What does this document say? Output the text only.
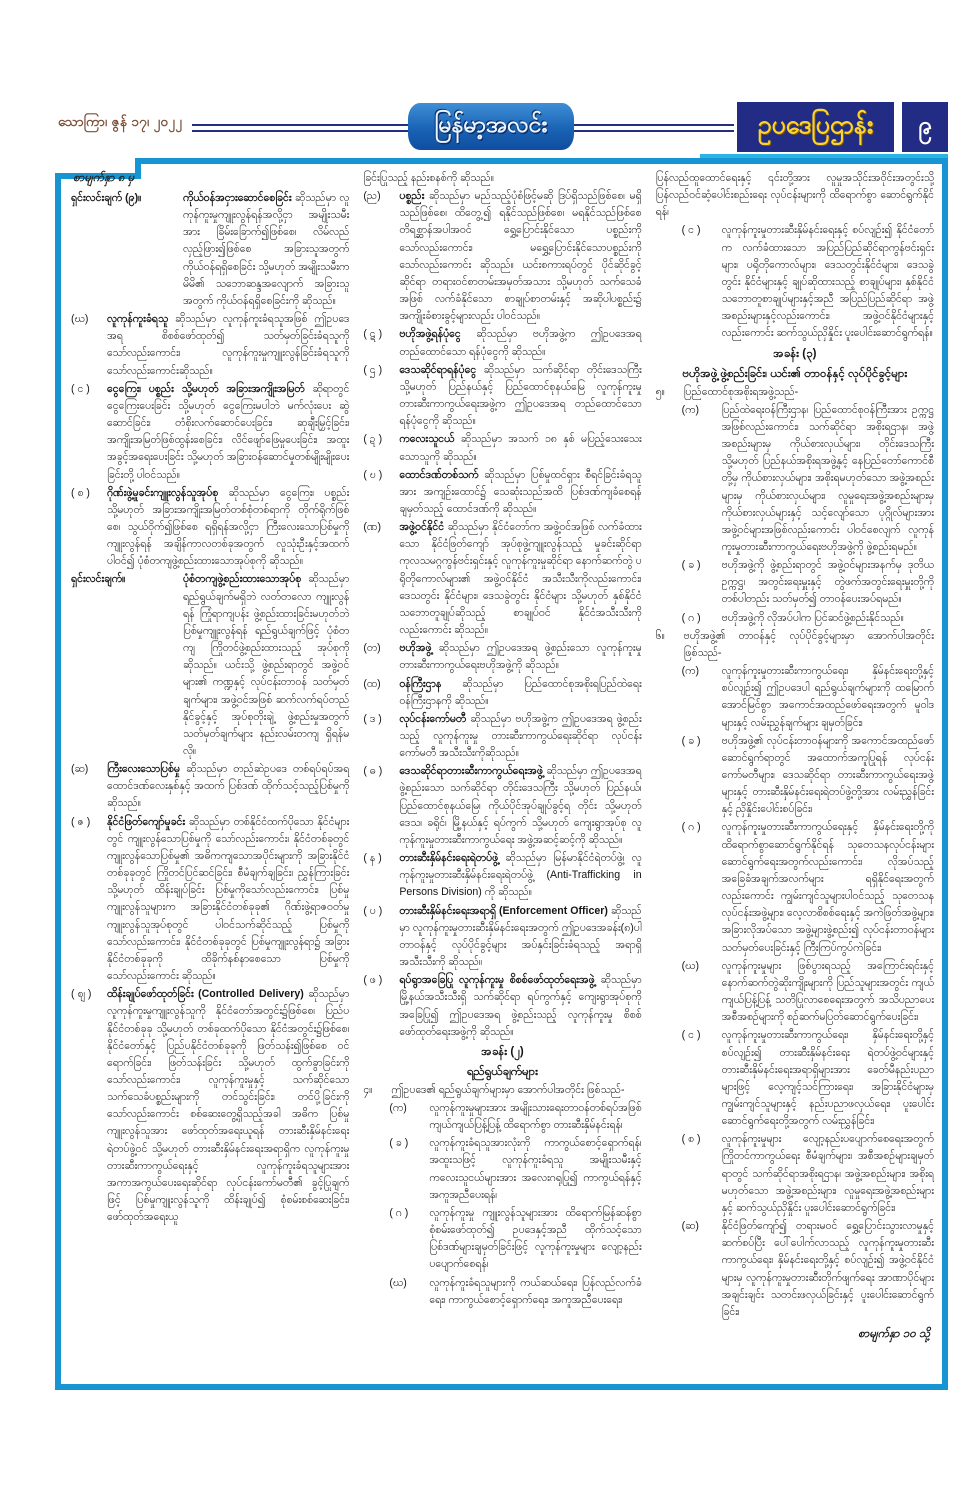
သောကြာ၊ ဇွန် ၁၇၊ ၂၀၂၂	မြန်မာ့အလင်း	ဥပဒေပြဌာန်း	၉
စာမျက်နှာ ၈ မှ
ရှင်းလင်းချက် (၉)။	ကိုယ်ဝန်အငှားဆောင်စေခြင်း ဆိုသည်မှာ လူကုန်ကူးမှုကျူးလွန်ရန်အလို့ငှာ အမျိုးသမီးအား ခြိမ်းခြောက်၍ဖြစ်စေ၊ လိမ်လည်လှည့်ဖြား၍ဖြစ်စေ အခြားသူအတွက် ကိုယ်ဝန်ရရှိစေခြင်း သို့မဟုတ် အမျိုးသမီးက မိမိ၏ သဘောဆန္ဒအလျောက် အခြားသူအတွက် ကိုယ်ဝန်ရရှိစေခြင်းကို ဆိုသည်။
(ဃ) လူကုန်ကူးခံရသူ ဆိုသည်မှာ လူကုန်ကူးခံရသူအဖြစ် ဤဥပဒေအရ စိစစ်ဖော်ထုတ်၍ သတ်မှတ်ခြင်းခံရသူကို သော်လည်းကောင်း၊ လူကုန်ကူးမှုကျူးလွန်ခြင်းခံရသူကို သော်လည်းကောင်းဆိုသည်။
( င ) ငွေကြေး၊ ပစ္စည်း သို့မဟုတ် အခြားအကျိုးအမြတ် ဆိုရာတွင် ငွေကြေးပေးခြင်း သို့မဟုတ် ငွေကြေးမပါဘဲ မက်လုံးပေး ဆွဲဆောင်ခြင်း၊ တံစိုးလက်ဆောင်ပေးခြင်း၊ ဆုချီးမြှင့်ခြင်း၊ အကျိုးအမြတ်ဖြစ်ထွန်းစေခြင်း၊ လိင်ဖျော်ဖြေမှုပေးခြင်း၊ အထူးအခွင့်အရေးပေးခြင်း သို့မဟုတ် အခြားဝန်ဆောင်မှုတစ်မျိုးမျိုးပေးခြင်းတို့ ပါဝင်သည်။
( စ ) ဂိုဏ်းဖွဲ့မှုခင်းကျူးလွန်သူအုပ်စု ဆိုသည်မှာ ငွေကြေး၊ ပစ္စည်း သို့မဟုတ် အခြားအကျိုးအမြတ်တစ်စုံတစ်ရာကို တိုက်ရိုက်ဖြစ်စေ၊ သွယ်ဝိုက်၍ဖြစ်စေ ရရှိရန်အလို့ငှာ ကြီးလေးသောပြစ်မှုကို ကျူးလွန်ရန် အချိန်ကာလတစ်ခုအတွက် လူသုံးဦးနှင့်အထက် ပါဝင်၍ ပုံစံတကျဖွဲ့စည်းထားသောအုပ်စုကို ဆိုသည်။
ရှင်းလင်းချက်။	ပုံစံတကျဖွဲ့စည်းထားသောအုပ်စု ဆိုသည်မှာ ရည်ရွယ်ချက်မရှိဘဲ လတ်တလော ကျူးလွန်ရန် ကြုံရာကျပန်း ဖွဲ့စည်းထားခြင်းမဟုတ်ဘဲ ပြစ်မှုကျူးလွန်ရန် ရည်ရွယ်ချက်ဖြင့် ပုံစံတကျ ကြိုတင်ဖွဲ့စည်းထားသည့် အုပ်စုကို ဆိုသည်။ ယင်းသို့ ဖွဲ့စည်းရာတွင် အဖွဲ့ဝင်များ၏ ကဏ္ဍနှင့် လုပ်ငန်းတာဝန် သတ်မှတ်ချက်များ၊ အဖွဲ့ဝင်အဖြစ် ဆက်လက်ရပ်တည်နိုင်ခွင့်နှင့် အုပ်စုတိုးချဲ့ ဖွဲ့စည်းမှုအတွက် သတ်မှတ်ချက်များ နည်းလမ်းတကျ ရှိရန်မလို။
(ဆ) ကြီးလေးသောပြစ်မှု ဆိုသည်မှာ တည်ဆဲဥပဒေ တစ်ရပ်ရပ်အရ ထောင်ဒဏ်လေးနှစ်နှင့် အထက် ပြစ်ဒဏ် ထိုက်သင့်သည့်ပြစ်မှုကို ဆိုသည်။
( ဇ ) နိုင်ငံဖြတ်ကျော်မှုခင်း ဆိုသည်မှာ တစ်နိုင်ငံထက်ပိုသော နိုင်ငံများတွင် ကျူးလွန်သောပြစ်မှုကို သော်လည်းကောင်း၊ နိုင်ငံတစ်ခုတွင် ကျူးလွန်သောပြစ်မှု၏ အဓိကကျသောအပိုင်းများကို အခြားနိုင်ငံတစ်ခုခုတွင် ကြိုတင်ပြင်ဆင်ခြင်း၊ စီမံချက်ချခြင်း၊ ညွှန်ကြားခြင်း သို့မဟုတ် ထိန်းချုပ်ခြင်း ပြစ်မှုကိုသော်လည်းကောင်း၊ ပြစ်မှုကျူးလွန်သူများက အခြားနိုင်ငံတစ်ခုခု၏ ဂိုဏ်းဖွဲ့ရာဇဝတ်မှု ကျူးလွန်သူအုပ်စုတွင် ပါဝင်သက်ဆိုင်သည့် ပြစ်မှုကိုသော်လည်းကောင်း၊ နိုင်ငံတစ်ခုခုတွင် ပြစ်မှုကျူးလွန်ရာ၌ အခြားနိုင်ငံတစ်ခုခုကို ထိခိုက်နစ်နာစေသော ပြစ်မှုကိုသော်လည်းကောင်း ဆိုသည်။
( ဈ ) ထိန်းချုပ်ဖော်ထုတ်ခြင်း (Controlled Delivery) ဆိုသည်မှာ လူကုန်ကူးမှုကျူးလွန်သူကို နိုင်ငံတော်အတွင်း၌ဖြစ်စေ၊ ပြည်ပနိုင်ငံတစ်ခုခု သို့မဟုတ် တစ်ခုထက်ပိုသော နိုင်ငံအတွင်း၌ဖြစ်စေ၊ နိုင်ငံတော်နှင့် ပြည်ပနိုင်ငံတစ်ခုခုကို ဖြတ်သန်း၍ဖြစ်စေ ဝင်ရောက်ခြင်း၊ ဖြတ်သန်းခြင်း သို့မဟုတ် ထွက်ခွာခြင်းကို သော်လည်းကောင်း၊ လူကုန်ကူးမှုနှင့် သက်ဆိုင်သော သက်သေခံပစ္စည်းများကို တင်သွင်းခြင်း၊ တင်ပို့ခြင်းကို သော်လည်းကောင်း စစ်ဆေးတွေ့ရှိသည့်အခါ အဓိက ပြစ်မှုကျူးလွန်သူအား ဖော်ထုတ်အရေးယူရန် တားဆီးနှိမ်နင်းရေးရဲတပ်ဖွဲ့ဝင် သို့မဟုတ် တားဆီးနှိမ်နင်းရေးအရာရှိက လူကုန်ကူးမှုတားဆီးကာကွယ်ရေးနှင့် လူကုန်ကူးခံရသူများအား အကာအကွယ်ပေးရေးဆိုင်ရာ လုပ်ငန်းကော်မတီ၏ ခွင့်ပြုချက်ဖြင့် ပြစ်မှုကျူးလွန်သူကို ထိန်းချုပ်၍ စုံစမ်းစစ်ဆေးခြင်း၊ ဖော်ထုတ်အရေးယူ
ခြင်းပြုသည့် နည်းစနစ်ကို ဆိုသည်။
(ည) ပစ္စည်း ဆိုသည်မှာ မည်သည့်ပုံစံဖြင့်မဆို ဒြပ်ရှိသည်ဖြစ်စေ၊ မရှိသည်ဖြစ်စေ၊ ထိတွေ့၍ ရနိုင်သည်ဖြစ်စေ၊ မရနိုင်သည်ဖြစ်စေ တိရစ္ဆာန်အပါအဝင် ရွှေ့ပြောင်းနိုင်သော ပစ္စည်းကို သော်လည်းကောင်း၊ မရွှေ့ပြောင်းနိုင်သောပစ္စည်းကို သော်လည်းကောင်း ဆိုသည်။ ယင်းစကားရပ်တွင် ပိုင်ဆိုင်ခွင့်ဆိုင်ရာ တရားဝင်စာတမ်းအမှတ်အသား သို့မဟုတ် သက်သေခံအဖြစ် လက်ခံနိုင်သော စာချုပ်စာတမ်းနှင့် အဆိုပါပစ္စည်း၌ အကျိုးခံစားခွင့်များလည်း ပါဝင်သည်။
( ဋ ) ဗဟိုအဖွဲ့ရန်ပုံငွေ ဆိုသည်မှာ ဗဟိုအဖွဲ့က ဤဥပဒေအရ တည်ထောင်သော ရန်ပုံငွေကို ဆိုသည်။
( ဌ ) ဒေသဆိုင်ရာရန်ပုံငွေ ဆိုသည်မှာ သက်ဆိုင်ရာ တိုင်းဒေသကြီး သို့မဟုတ် ပြည်နယ်နှင့် ပြည်ထောင်စုနယ်မြေ လူကုန်ကူးမှုတားဆီးကာကွယ်ရေးအဖွဲ့က ဤဥပဒေအရ တည်ထောင်သော ရန်ပုံငွေကို ဆိုသည်။
( ဍ ) ကလေးသူငယ် ဆိုသည်မှာ အသက် ၁၈ နှစ် မပြည့်သေးသေးသောသူကို ဆိုသည်။
( ဎ ) ထောင်ဒဏ်တစ်သက် ဆိုသည်မှာ ပြစ်မှုထင်ရှား စီရင်ခြင်းခံရသူအား အကျဉ်းထောင်၌ သေဆုံးသည်အထိ ပြစ်ဒဏ်ကျခံစေရန် ချမှတ်သည့် ထောင်ဒဏ်ကို ဆိုသည်။
(ဏ) အဖွဲ့ဝင်နိုင်ငံ ဆိုသည်မှာ နိုင်ငံတော်က အဖွဲ့ဝင်အဖြစ် လက်ခံထားသော နိုင်ငံဖြတ်ကျော် အုပ်စုဖွဲ့ကျူးလွန်သည့် မှုခင်းဆိုင်ရာ ကုလသမဂ္ဂကွန်ဗင်းရှင်းနှင့် လူကုန်ကူးမှုဆိုင်ရာ နောက်ဆက်တွဲ ပရိုတိုကောလ်များ၏ အဖွဲ့ဝင်နိုင်ငံ အသီးသီးကိုလည်းကောင်း၊ ဒေသတွင်း နိုင်ငံများ၊ ဒေသခွဲတွင်း နိုင်ငံများ သို့မဟုတ် နှစ်နိုင်ငံ သဘောတူချုပ်ဆိုသည့် စာချုပ်ဝင် နိုင်ငံအသီးသီးကိုလည်းကောင်း ဆိုသည်။
(တ) ဗဟိုအဖွဲ့ ဆိုသည်မှာ ဤဥပဒေအရ ဖွဲ့စည်းသော လူကုန်ကူးမှုတားဆီးကာကွယ်ရေးဗဟိုအဖွဲ့ကို ဆိုသည်။
(ထ) ဝန်ကြီးဌာန ဆိုသည်မှာ ပြည်ထောင်စုအစိုးရပြည်ထဲရေး ဝန်ကြီးဌာနကို ဆိုသည်။
( ဒ ) လုပ်ငန်းကော်မတီ ဆိုသည်မှာ ဗဟိုအဖွဲ့က ဤဥပဒေအရ ဖွဲ့စည်းသည့် လူကုန်ကူးမှု တားဆီးကာကွယ်ရေးဆိုင်ရာ လုပ်ငန်းကော်မတီ အသီးသီးကိုဆိုသည်။
( ဓ ) ဒေသဆိုင်ရာတားဆီးကာကွယ်ရေးအဖွဲ့ ဆိုသည်မှာ ဤဥပဒေအရ ဖွဲ့စည်းသော သက်ဆိုင်ရာ တိုင်းဒေသကြီး သို့မဟုတ် ပြည်နယ်၊ ပြည်ထောင်စုနယ်မြေ၊ ကိုယ်ပိုင်အုပ်ချုပ်ခွင့်ရ တိုင်း သို့မဟုတ် ဒေသ၊ ခရိုင်၊ မြို့နယ်နှင့် ရပ်ကွက် သို့မဟုတ် ကျေးရွာအုပ်စု လူကုန်ကူးမှုတားဆီးကာကွယ်ရေး အဖွဲ့အဆင့်ဆင့်ကို ဆိုသည်။
( န ) တားဆီးနှိမ်နင်းရေးရဲတပ်ဖွဲ့ ဆိုသည်မှာ မြန်မာနိုင်ငံရဲတပ်ဖွဲ့၊ လူကုန်ကူးမှုတားဆီးနှိမ်နင်းရေးရဲတပ်ဖွဲ့ (Anti-Trafficking in Persons Division) ကို ဆိုသည်။
( ပ ) တားဆီးနှိမ်နင်းရေးအရာရှိ (Enforcement Officer) ဆိုသည်မှာ လူကုန်ကူးမှုတားဆီးနှိမ်နင်းရေးအတွက် ဤဥပဒေအခန်း(၈)ပါ တာဝန်နှင့် လုပ်ပိုင်ခွင့်များ အပ်နှင်းခြင်းခံရသည့် အရာရှိ အသီးသီးကို ဆိုသည်။
( ဖ ) ရပ်ရွာအခြေပြု လူကုန်ကူးမှု စိစစ်ဖော်ထုတ်ရေးအဖွဲ့ ဆိုသည်မှာ မြို့နယ်အသီးသီးရှိ သက်ဆိုင်ရာ ရပ်ကွက်နှင့် ကျေးရွာအုပ်စုကို အခြေပြု၍ ဤဥပဒေအရ ဖွဲ့စည်းသည့် လူကုန်ကူးမှု စိစစ်ဖော်ထုတ်ရေးအဖွဲ့ကို ဆိုသည်။
အခန်း (၂)
ရည်ရွယ်ချက်များ
၄။ ဤဥပဒေ၏ ရည်ရွယ်ချက်များမှာ အောက်ပါအတိုင်း ဖြစ်သည်-
(က) လူကုန်ကူးမှုများအား အမျိုးသားရေးတာဝန်တစ်ရပ်အဖြစ် ကျယ်ကျယ်ပြန့်ပြန့် ထိရောက်စွာ တားဆီးနှိမ်နင်းရန်၊
( ခ ) လူကုန်ကူးခံရသူအားလုံးကို ကာကွယ်စောင့်ရှောက်ရန်၊ အထူးသဖြင့် လူကုန်ကူးခံရသူ အမျိုးသမီးနှင့် ကလေးသူငယ်များအား အလေးဂရုပြု၍ ကာကွယ်ရန်နှင့် အကူအညီပေးရန်၊
( ဂ ) လူကုန်ကူးမှု ကျူးလွန်သူများအား ထိရောက်မြန်ဆန်စွာ စုံစမ်းဖော်ထုတ်၍ ဥပဒေနှင့်အညီ ထိုက်သင့်သော ပြစ်ဒဏ်များချမှတ်ခြင်းဖြင့် လူကုန်ကူးမှုများ လျော့နည်းပပျောက်စေရန်၊
(ဃ) လူကုန်ကူးခံရသူများကို ကယ်ဆယ်ရေး၊ ပြန်လည်လက်ခံရေး၊ ကာကွယ်စောင့်ရှောက်ရေး၊ အကူအညီပေးရေး၊
ပြန်လည်ထူထောင်ရေးနှင့် ၎င်းတို့အား လူမှုအသိုင်းအဝိုင်းအတွင်းသို့ ပြန်လည်ဝင်ဆံ့ပေါင်းစည်းရေး လုပ်ငန်းများကို ထိရောက်စွာ ဆောင်ရွက်နိုင်ရန်၊
( င ) လူကုန်ကူးမှုတားဆီးနှိမ်နင်းရေးနှင့် စပ်လျဉ်း၍ နိုင်ငံတော်က လက်ခံထားသော အပြည်ပြည်ဆိုင်ရာကွန်ဗင်းရှင်းများ၊ ပရိုတိုကောလ်များ၊ ဒေသတွင်းနိုင်ငံများ၊ ဒေသခွဲတွင်း နိုင်ငံများနှင့် ချုပ်ဆိုထားသည့် စာချုပ်များ၊ နှစ်နိုင်ငံသဘောတူစာချုပ်များနှင့်အညီ အပြည်ပြည်ဆိုင်ရာ အဖွဲ့အစည်းများနှင့်လည်းကောင်း၊ အဖွဲ့ဝင်နိုင်ငံများနှင့်လည်းကောင်း ဆက်သွယ်ညှိနှိုင်း ပူးပေါင်းဆောင်ရွက်ရန်။
အခန်း (၃)
ဗဟိုအဖွဲ့ ဖွဲ့စည်းခြင်း၊ ယင်း၏ တာဝန်နှင့် လုပ်ပိုင်ခွင့်များ
၅။ ပြည်ထောင်စုအစိုးရအဖွဲ့သည်-
(က) ပြည်ထဲရေးဝန်ကြီးဌာန၊ ပြည်ထောင်စုဝန်ကြီးအား ဥက္ကဋ္ဌအဖြစ်လည်းကောင်း၊ သက်ဆိုင်ရာ အစိုးရဌာန၊ အဖွဲ့အစည်းများမှ ကိုယ်စားလှယ်များ၊ တိုင်းဒေသကြီး သို့မဟုတ် ပြည်နယ်အစိုးရအဖွဲ့နှင့် နေပြည်တော်ကောင်စီတို့မှ ကိုယ်စားလှယ်များ၊ အစိုးရမဟုတ်သော အဖွဲ့အစည်းများမှ ကိုယ်စားလှယ်များ၊ လူမှုရေးအဖွဲ့အစည်းများမှ ကိုယ်စားလှယ်များနှင့် သင့်လျော်သော ပုဂ္ဂိုလ်များအား အဖွဲ့ဝင်များအဖြစ်လည်းကောင်း ပါဝင်စေလျက် လူကုန်ကူးမှုတားဆီးကာကွယ်ရေးဗဟိုအဖွဲ့ကို ဖွဲ့စည်းရမည်။
( ခ ) ဗဟိုအဖွဲ့ကို ဖွဲ့စည်းရာတွင် အဖွဲ့ဝင်များအနက်မှ ဒုတိယဥက္ကဋ္ဌ၊ အတွင်းရေးမှူးနှင့် တွဲဖက်အတွင်းရေးမှူးတို့ကို တစ်ပါတည်း သတ်မှတ်၍ တာဝန်ပေးအပ်ရမည်။
( ဂ ) ဗဟိုအဖွဲ့ကို လိုအပ်ပါက ပြင်ဆင်ဖွဲ့စည်းနိုင်သည်။
၆။ ဗဟိုအဖွဲ့၏ တာဝန်နှင့် လုပ်ပိုင်ခွင့်များမှာ အောက်ပါအတိုင်း ဖြစ်သည်-
(က) လူကုန်ကူးမှုတားဆီးကာကွယ်ရေး၊ နှိမ်နင်းရေးတို့နှင့် စပ်လျဉ်း၍ ဤဥပဒေပါ ရည်ရွယ်ချက်များကို ထမြောက်အောင်မြင်စွာ အကောင်အထည်ဖော်ရေးအတွက် မူဝါဒများနှင့် လမ်းညွှန်ချက်များ ချမှတ်ခြင်း၊
( ခ ) ဗဟိုအဖွဲ့၏ လုပ်ငန်းတာဝန်များကို အကောင်အထည်ဖော် ဆောင်ရွက်ရာတွင် အထောက်အကူပြုရန် လုပ်ငန်းကော်မတီများ၊ ဒေသဆိုင်ရာ တားဆီးကာကွယ်ရေးအဖွဲ့များနှင့် တားဆီးနှိမ်နင်းရေးရဲတပ်ဖွဲ့တို့အား လမ်းညွှန်ခြင်းနှင့် ညှိနှိုင်းပေါင်းစပ်ခြင်း၊
( ဂ ) လူကုန်ကူးမှုတားဆီးကာကွယ်ရေးနှင့် နှိမ်နင်းရေးတို့ကို ထိရောက်စွာဆောင်ရွက်နိုင်ရန် သုတေသနလုပ်ငန်းများ ဆောင်ရွက်ရေးအတွက်လည်းကောင်း၊ လိုအပ်သည့် အခြေခံအချက်အလက်များ ရရှိနိုင်ရေးအတွက်လည်းကောင်း ကျွမ်းကျင်သူများပါဝင်သည့် သုတေသနလုပ်ငန်းအဖွဲ့များ၊ လေ့လာစိစစ်ရေးနှင့် အကဲဖြတ်အဖွဲ့များ၊ အခြားလိုအပ်သော အဖွဲ့များဖွဲ့စည်း၍ လုပ်ငန်းတာဝန်များ သတ်မှတ်ပေးခြင်းနှင့် ကြီးကြပ်ကွပ်ကဲခြင်း၊
(ဃ) လူကုန်ကူးမှုများ ဖြစ်ပွားရသည့် အကြောင်းရင်းနှင့် နောက်ဆက်တွဲဆိုးကျိုးများကို ပြည်သူများအတွင်း ကျယ်ကျယ်ပြန့်ပြန့် သတိပြုလာစေရေးအတွက် အသိပညာပေး အစီအစဉ်များကို စဉ်ဆက်မပြတ်ဆောင်ရွက်ပေးခြင်း၊
( င ) လူကုန်ကူးမှုတားဆီးကာကွယ်ရေး၊ နှိမ်နင်းရေးတို့နှင့် စပ်လျဉ်း၍ တားဆီးနှိမ်နင်းရေး ရဲတပ်ဖွဲ့ဝင်များနှင့် တားဆီးနှိမ်နင်းရေးအရာရှိများအား ခေတ်မီနည်းပညာများဖြင့် လေ့ကျင့်သင်ကြားရေး၊ အခြားနိုင်ငံများမှ ကျွမ်းကျင်သူများနှင့် နည်းပညာဖလှယ်ရေး၊ ပူးပေါင်းဆောင်ရွက်ရေးတို့အတွက် လမ်းညွှန်ခြင်း၊
( စ ) လူကုန်ကူးမှုများ လျော့နည်းပပျောက်စေရေးအတွက် ကြိုတင်ကာကွယ်ရေး စီမံချက်များ၊ အစီအစဉ်များချမှတ်ရာတွင် သက်ဆိုင်ရာအစိုးရဌာန၊ အဖွဲ့အစည်းများ၊ အစိုးရမဟုတ်သော အဖွဲ့အစည်းများ၊ လူမှုရေးအဖွဲ့အစည်းများနှင့် ဆက်သွယ်ညှိနှိုင်း ပူးပေါင်းဆောင်ရွက်ခြင်း၊
(ဆ) နိုင်ငံဖြတ်ကျော်၍ တရားမဝင် ရွှေ့ပြောင်းသွားလာမှုနှင့် ဆက်စပ်ပြီး ပေါ်ပေါက်လာသည့် လူကုန်ကူးမှုတားဆီးကာကွယ်ရေး၊ နှိမ်နင်းရေးတို့နှင့် စပ်လျဉ်း၍ အဖွဲ့ဝင်နိုင်ငံများမှ လူကုန်ကူးမှုတားဆီးတိုက်ဖျက်ရေး အာဏာပိုင်များ အချင်းချင်း သတင်းဖလှယ်ခြင်းနှင့် ပူးပေါင်းဆောင်ရွက်ခြင်း၊
စာမျက်နှာ ၁၀ သို့
